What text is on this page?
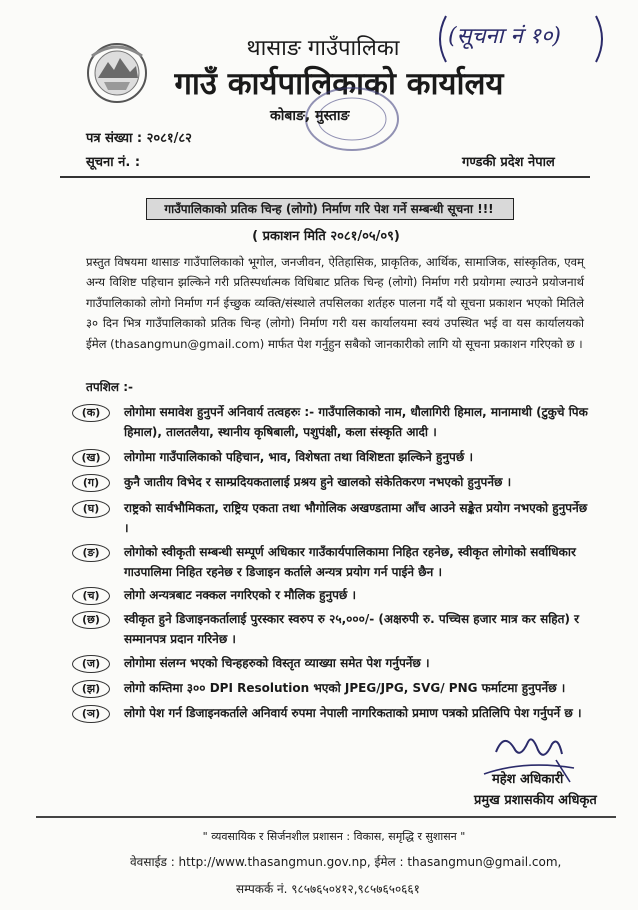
(सूचना नं १०)
थासाङ गाउँपालिका
गाउँ कार्यपालिकाको कार्यालय
कोबाङ, मुस्ताङ
पत्र संख्या : २०८१/८२
सूचना नं. :	गण्डकी प्रदेश नेपाल
गाउँपालिकाको प्रतिक चिन्ह (लोगो) निर्माण गरि पेश गर्ने सम्बन्धी सूचना !!!
( प्रकाशन मिति २०८१/०५/०९)
प्रस्तुत विषयमा थासाङ गाउँपालिकाको भूगोल, जनजीवन, ऐतिहासिक, प्राकृतिक, आर्थिक, सामाजिक, सांस्कृतिक, एवम् अन्य विशिष्ट पहिचान झल्किने गरी प्रतिस्पर्धात्मक विधिबाट प्रतिक चिन्ह (लोगो) निर्माण गरी प्रयोगमा ल्याउने प्रयोजनार्थ गाउँपालिकाको लोगो निर्माण गर्न ईच्छुक व्यक्ति/संस्थाले तपसिलका शर्तहरु पालना गर्दै यो सूचना प्रकाशन भएको मितिले ३० दिन भित्र गाउँपालिकाको प्रतिक चिन्ह (लोगो) निर्माण गरी यस कार्यालयमा स्वयं उपस्थित भई वा यस कार्यालयको ईमेल (thasangmun@gmail.com) मार्फत पेश गर्नुहुन सबैको जानकारीको लागि यो सूचना प्रकाशन गरिएको छ ।
तपशिल :-
(क)	लोगोमा समावेश हुनुपर्ने अनिवार्य तत्वहरुः :- गाउँपालिकाको नाम, धौलागिरी हिमाल, मानामाथी (टुकुचे पिक हिमाल), तालतलैया, स्थानीय कृषिबाली, पशुपंक्षी, कला संस्कृति आदी ।
(ख)	लोगोमा गाउँपालिकाको पहिचान, भाव, विशेषता तथा विशिष्टता झल्किने हुनुपर्छ ।
(ग)	कुनै जातीय विभेद र साम्प्रदियकतालाई प्रश्रय हुने खालको संकेतिकरण नभएको हुनुपर्नेछ ।
(घ)	राष्ट्रको सार्वभौमिकता, राष्ट्रिय एकता तथा भौगोलिक अखण्डतामा आँच आउने सङ्केत प्रयोग नभएको हुनुपर्नेछ ।
(ङ)	लोगोको स्वीकृती सम्बन्धी सम्पूर्ण अधिकार गाउँकार्यपालिकामा निहित रहनेछ, स्वीकृत लोगोको सर्वाधिकार गाउपालिमा निहित रहनेछ र डिजाइन कर्ताले अन्यत्र प्रयोग गर्न पाईने छैन ।
(च)	लोगो अन्यत्रबाट नक्कल नगरिएको र मौलिक हुनुपर्छ ।
(छ)	स्वीकृत हुने डिजाइनकर्तालाई पुरस्कार स्वरुप रु २५,०००/- (अक्षरुपी रु. पच्चिस हजार मात्र कर सहित) र सम्मानपत्र प्रदान गरिनेछ ।
(ज)	लोगोमा संलग्न भएको चिन्हहरुको विस्तृत व्याख्या समेत पेश गर्नुपर्नेछ ।
(झ)	लोगो कम्तिमा ३०० DPI Resolution भएको JPEG/JPG, SVG/ PNG फर्माटमा हुनुपर्नेछ ।
(ञ)	लोगो पेश गर्न डिजाइनकर्ताले अनिवार्य रुपमा नेपाली नागरिकताको प्रमाण पत्रको प्रतिलिपि पेश गर्नुपर्ने छ ।
महेश अधिकारी
प्रमुख प्रशासकीय अधिकृत
" व्यवसायिक र सिर्जनशील प्रशासन : विकास, समृद्धि र सुशासन "
वेवसाईड : http://www.thasangmun.gov.np, ईमेल : thasangmun@gmail.com,
सम्पकर्क नं. ९८५७६५०४१२,९८५७६५०६६१
